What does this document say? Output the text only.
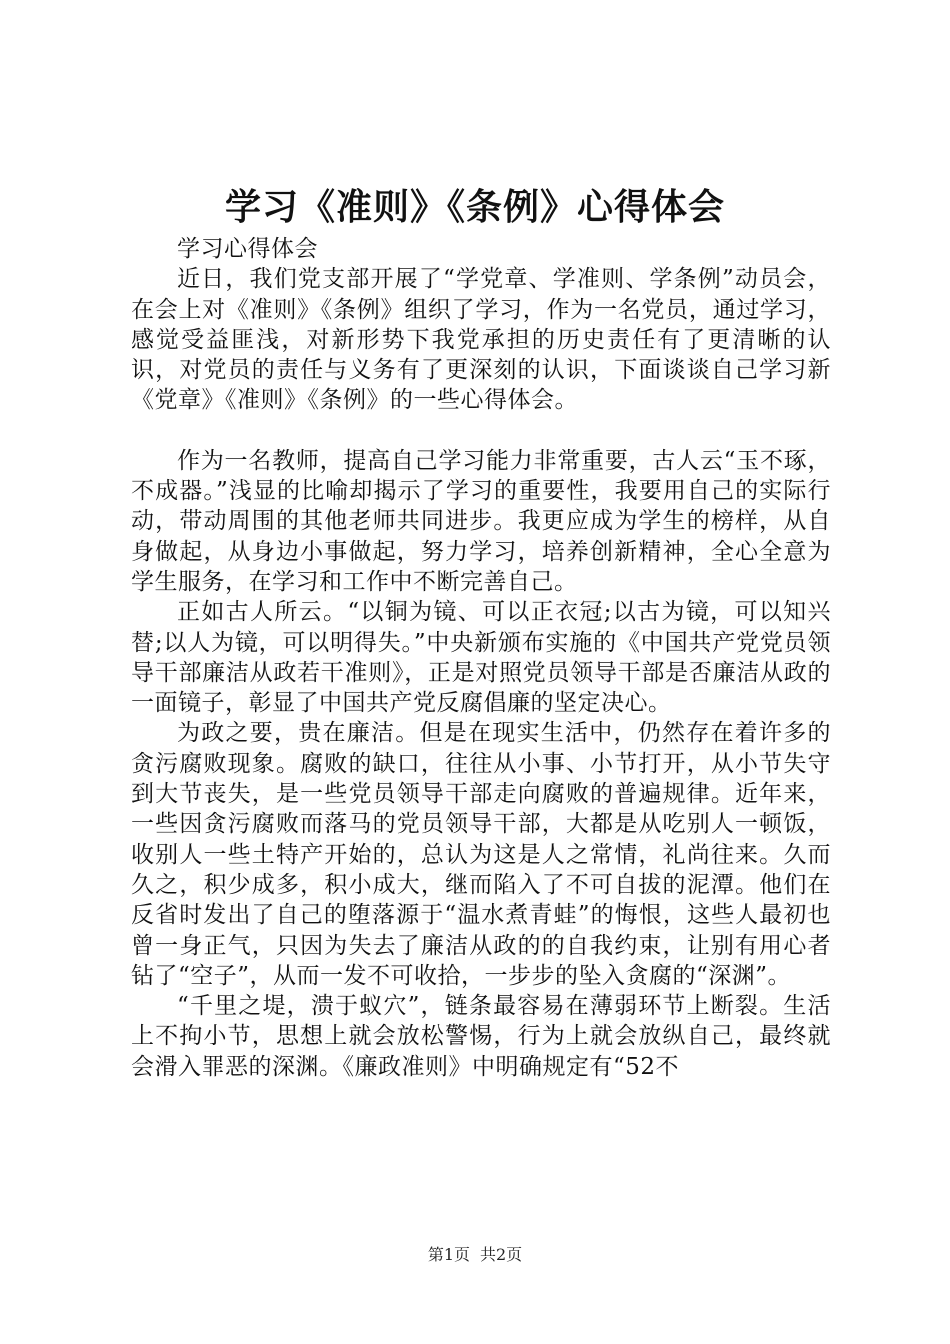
学习《准则》《条例》心得体会

学习心得体会

近日，我们党支部开展了“学党章、学准则、学条例”动员会，在会上对《准则》《条例》组织了学习，作为一名党员，通过学习，感觉受益匪浅，对新形势下我党承担的历史责任有了更清晰的认识，对党员的责任与义务有了更深刻的认识，下面谈谈自己学习新《党章》《准则》《条例》的一些心得体会。

作为一名教师，提高自己学习能力非常重要，古人云“玉不琢，不成器。”浅显的比喻却揭示了学习的重要性，我要用自己的实际行动，带动周围的其他老师共同进步。我更应成为学生的榜样，从自身做起，从身边小事做起，努力学习，培养创新精神，全心全意为学生服务，在学习和工作中不断完善自己。

正如古人所云。“以铜为镜、可以正衣冠;以古为镜，可以知兴替;以人为镜，可以明得失。”中央新颁布实施的《中国共产党党员领导干部廉洁从政若干准则》，正是对照党员领导干部是否廉洁从政的一面镜子，彰显了中国共产党反腐倡廉的坚定决心。

为政之要，贵在廉洁。但是在现实生活中，仍然存在着许多的贪污腐败现象。腐败的缺口，往往从小事、小节打开，从小节失守到大节丧失，是一些党员领导干部走向腐败的普遍规律。近年来，一些因贪污腐败而落马的党员领导干部，大都是从吃别人一顿饭，收别人一些土特产开始的，总认为这是人之常情，礼尚往来。久而久之，积少成多，积小成大，继而陷入了不可自拔的泥潭。他们在反省时发出了自己的堕落源于“温水煮青蛙”的悔恨，这些人最初也曾一身正气，只因为失去了廉洁从政的的自我约束，让别有用心者钻了“空子”，从而一发不可收拾，一步步的坠入贪腐的“深渊”。

“千里之堤，溃于蚁穴”，链条最容易在薄弱环节上断裂。生活上不拘小节，思想上就会放松警惕，行为上就会放纵自己，最终就会滑入罪恶的深渊。《廉政准则》中明确规定有“52不

第1页 共2页
